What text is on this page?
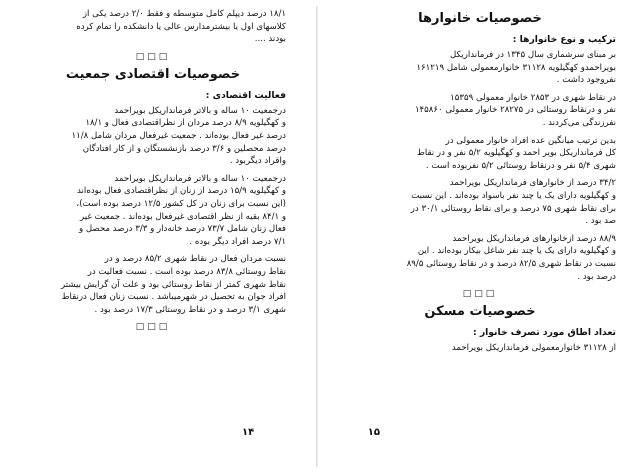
۱۸/۱ درصد دیپلم کامل متوسطه و فقط ۲/۰ درصد یکی از

کلاسهای اول یا بیشترمدارس عالی یا دانشکده را تمام کرده

بودند ....

□□□
خصوصیات اقتصادی جمعیت
فعالیت اقتصادی :

درجمعیت ۱۰ ساله و بالاتر فرمانداریکل بویراحمد

و کهگیلویه ۸/۹ درصد مردان از نظراقتصادی فعال و ۱۸/۱

درصد غیر فعال بوده‌اند . جمعیت غیرفعال مردان شامل ۱۱/۸

درصد محصلین و ۳/۶ درصد بازنشستگان و از کار افتادگان

واقراد دیگربود .

درجمعیت ۱۰ ساله و بالاتر فرمانداریکل بویراحمد

و کهگیلویه ۱۵/۹ درصد از زنان از نظراقتصادی فعال بوده‌اند

(این نسبت برای زنان در کل کشور ۱۲/۵ درصد بوده است)،

و ۸۴/۱ بقیه از نظر اقتصادی غیرفعال بوده‌اند . جمعیت غیر

فعال زنان شامل ۷۳/۷ درصد خانه‌دار و ۳/۳ درصد محصل و

۷/۱ درصد افراد دیگر بوده .

نسبت مردان فعال در نقاط شهری ۸۵/۲ درصد و در

نقاط روستائی ۸۳/۸ درصد بوده است . نسبت فعالیت در

نقاط شهری کمتر از نقاط روستائی بود و علت آن گرایش بیشتر

افراد جوان به تحصیل در شهرمیباشد . نسبت زنان فعال درنقاط

شهری ۳/۱ درصد و در نقاط روستائی ۱۷/۳ درصد بود .

□□□
۱۴
خصوصیات خانوارها
ترکیب و نوع خانوارها :

بر مبنای سرشماری سال ۱۳۴۵ در فرمانداریکل

بویراحمدو کهگیلویه ۳۱۱۲۸ خانوارمعمولی شامل ۱۶۱۲۱۹

نفروجود داشت .

در نقاط شهری در ۲۸۵۳ خانوار معمولی ۱۵۳۵۹

نفر و درنقاط روستائی در ۲۸۲۷۵ خانوار معمولی ۱۴۵۸۶۰

نفرزندگی می‌کردند .

بدین ترتیب میانگین عده افراد خانوار معمولی در

کل فرمانداریکل بویر احمد و کهگیلویه ۵/۲ نفر و در نقاط

شهری ۵/۴ نفر و درنقاط روستائی ۵/۲ نفربوده است .

۳۴/۲ درصد از خانوارهای فرمانداریکل بویراحمد

و کهگیلویه دارای یک یا چند نفر باسواد بوده‌اند . این نسبت

برای نقاط شهری ۷۵ درصد و برای نقاط روستائی ۳۰/۱ در

صد بود .

۸۸/۹ درصد ازخانوارهای فرمانداریکل بویراحمد

و کهگیلویه دارای یک یا چند نفر شاغل بیکار بوده‌اند . این

نسبت در نقاط شهری ۸۲/۵ درصد و در نقاط روستائی ۸۹/۵

درصد بود .

□□□
خصوصیات مسکن
تعداد اطاق مورد تصرف خانوار :

از ۳۱۱۲۸ خانوارمعمولی فرمانداریکل بویراحمد

۱۵
